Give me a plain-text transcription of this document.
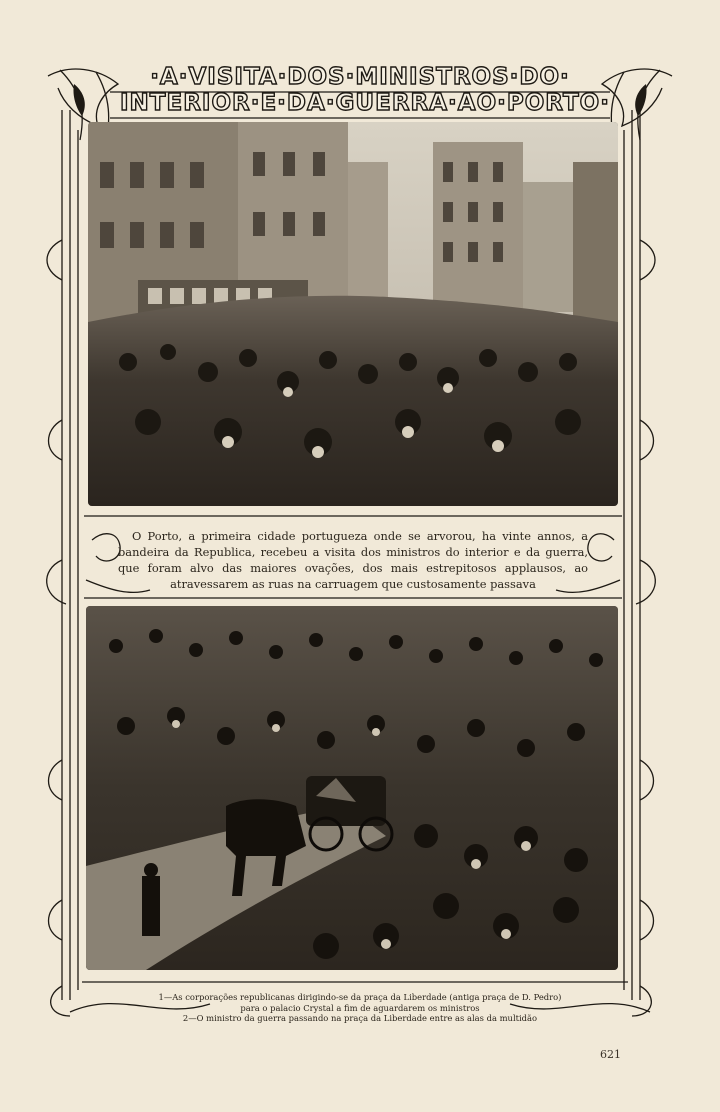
·A·VISITA·DOS·MINISTROS·DO·
INTERIOR·E·DA·GUERRA·AO·PORTO·
O Porto, a primeira cidade portugueza onde se arvorou, ha vinte annos, a bandeira da Republica, recebeu a visita dos ministros do interior e da guerra, que foram alvo das maiores ovações, dos mais estrepitosos applausos, ao atravessarem as ruas na carruagem que custosamente passava
1—As corporações republicanas dirigindo-se da praça da Liberdade (antiga praça de D. Pedro)
para o palacio Crystal a fim de aguardarem os ministros
2—O ministro da guerra passando na praça da Liberdade entre as alas da multidão
621
